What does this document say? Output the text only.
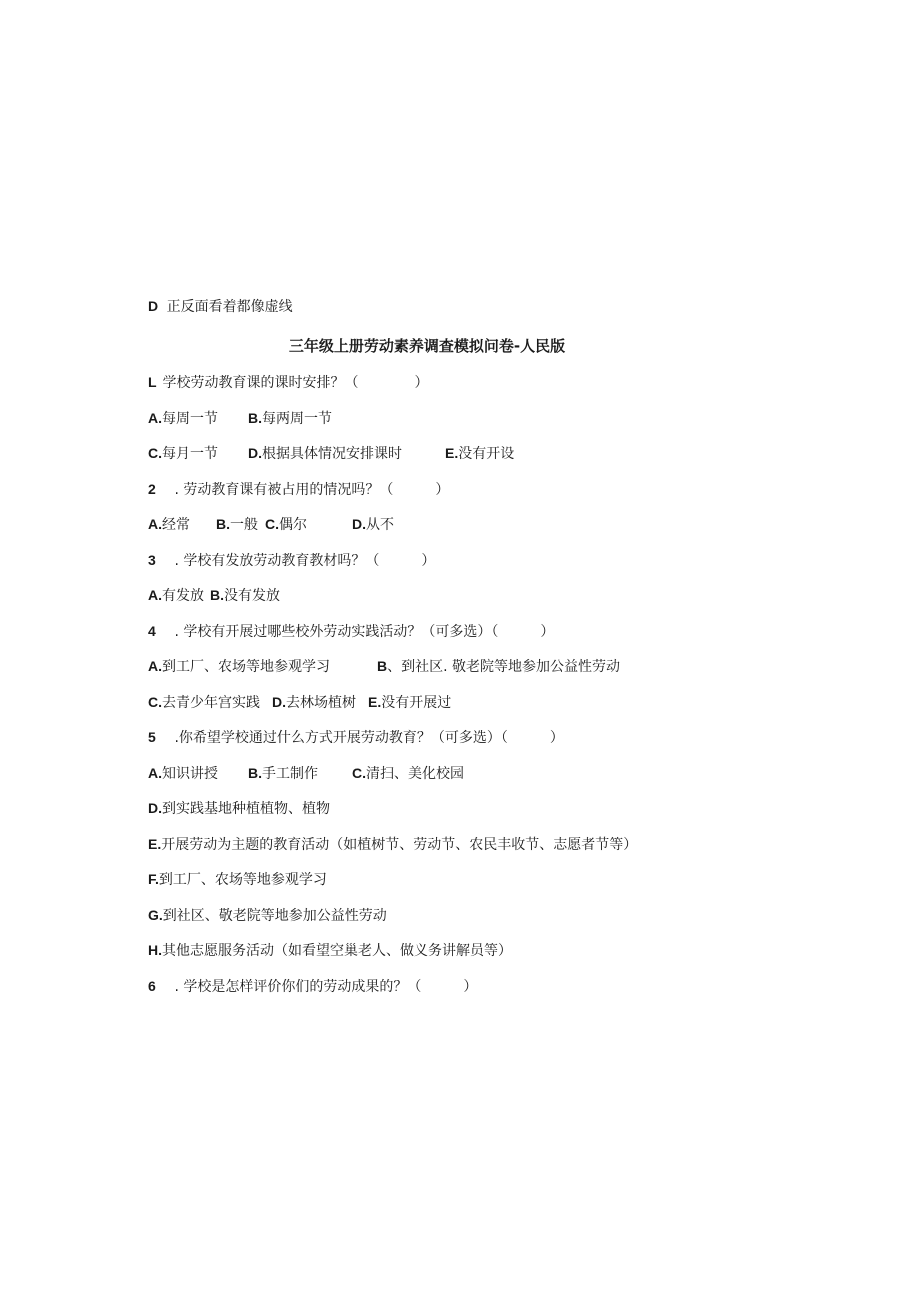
D 正反面看着都像虚线
三年级上册劳动素养调查模拟问卷-人民版
L 学校劳动教育课的课时安排？（　　　　）
A.每周一节 B.每两周一节
C.每月一节 D.根据具体情况安排课时	E.没有开设
2 . 劳动教育课有被占用的情况吗？（　　　）
A.经常 B.一般 C.偶尔	D.从不
3 . 学校有发放劳动教育教材吗？（　　　）
A.有发放 B.没有发放
4 . 学校有开展过哪些校外劳动实践活动？（可多选）（　　　）
A.到工厂、农场等地参观学习	B、到社区. 敬老院等地参加公益性劳动
C.去青少年宫实践 D.去林场植树 E.没有开展过
5 .你希望学校通过什么方式开展劳动教育？（可多选）（　　　）
A.知识讲授 B.手工制作 C.清扫、美化校园
D.到实践基地种植植物、植物
E.开展劳动为主题的教育活动（如植树节、劳动节、农民丰收节、志愿者节等）
F.到工厂、农场等地参观学习
G.到社区、敬老院等地参加公益性劳动
H.其他志愿服务活动（如看望空巢老人、做义务讲解员等）
6 . 学校是怎样评价你们的劳动成果的？（　　　）
